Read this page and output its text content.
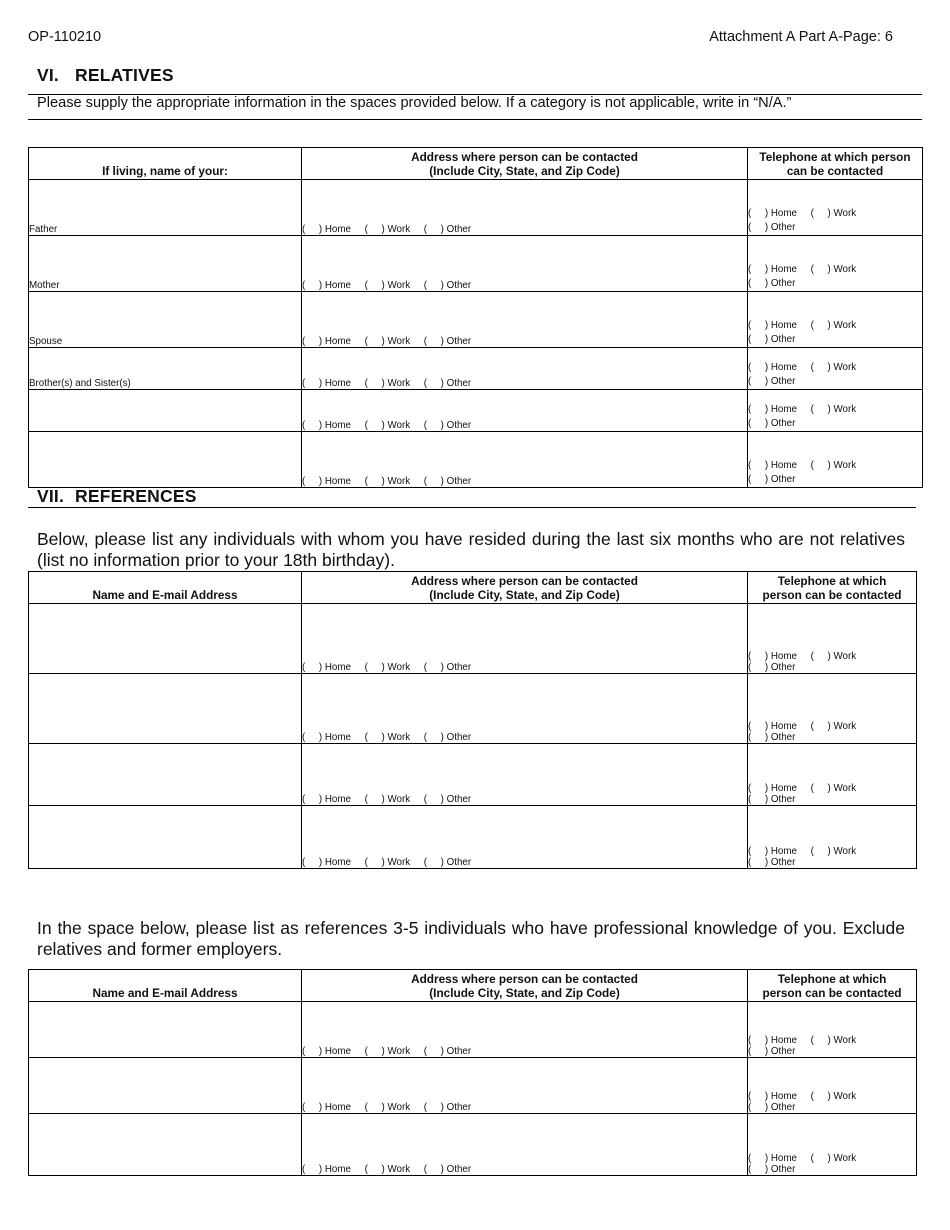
OP-110210	Attachment A Part A-Page: 6
VI. RELATIVES
Please supply the appropriate information in the spaces provided below. If a category is not applicable, write in “N/A.”
If living, name of your:	Address where person can be contacted
(Include City, State, and Zip Code)	Telephone at which person
can be contacted
Father	(     ) Home     (     ) Work     (     ) Other	(     ) Home     (     ) Work
(     ) Other

Mother	(     ) Home     (     ) Work     (     ) Other	(     ) Home     (     ) Work
(     ) Other

Spouse	(     ) Home     (     ) Work     (     ) Other	(     ) Home     (     ) Work
(     ) Other

Brother(s) and Sister(s)	(     ) Home     (     ) Work     (     ) Other	(     ) Home     (     ) Work
(     ) Other

	(     ) Home     (     ) Work     (     ) Other	(     ) Home     (     ) Work
(     ) Other

	(     ) Home     (     ) Work     (     ) Other	(     ) Home     (     ) Work
(     ) Other
VII. REFERENCES
Below, please list any individuals with whom you have resided during the last six months who are not relatives (list no information prior to your 18th birthday).
Name and E-mail Address	Address where person can be contacted
(Include City, State, and Zip Code)	Telephone at which
person can be contacted
	(     ) Home     (     ) Work     (     ) Other	(     ) Home     (     ) Work
(     ) Other

	(     ) Home     (     ) Work     (     ) Other	(     ) Home     (     ) Work
(     ) Other

	(     ) Home     (     ) Work     (     ) Other	(     ) Home     (     ) Work
(     ) Other

	(     ) Home     (     ) Work     (     ) Other	(     ) Home     (     ) Work
(     ) Other
In the space below, please list as references 3-5 individuals who have professional knowledge of you. Exclude relatives and former employers.
Name and E-mail Address	Address where person can be contacted
(Include City, State, and Zip Code)	Telephone at which
person can be contacted
	(     ) Home     (     ) Work     (     ) Other	(     ) Home     (     ) Work
(     ) Other

	(     ) Home     (     ) Work     (     ) Other	(     ) Home     (     ) Work
(     ) Other

	(     ) Home     (     ) Work     (     ) Other	(     ) Home     (     ) Work
(     ) Other
